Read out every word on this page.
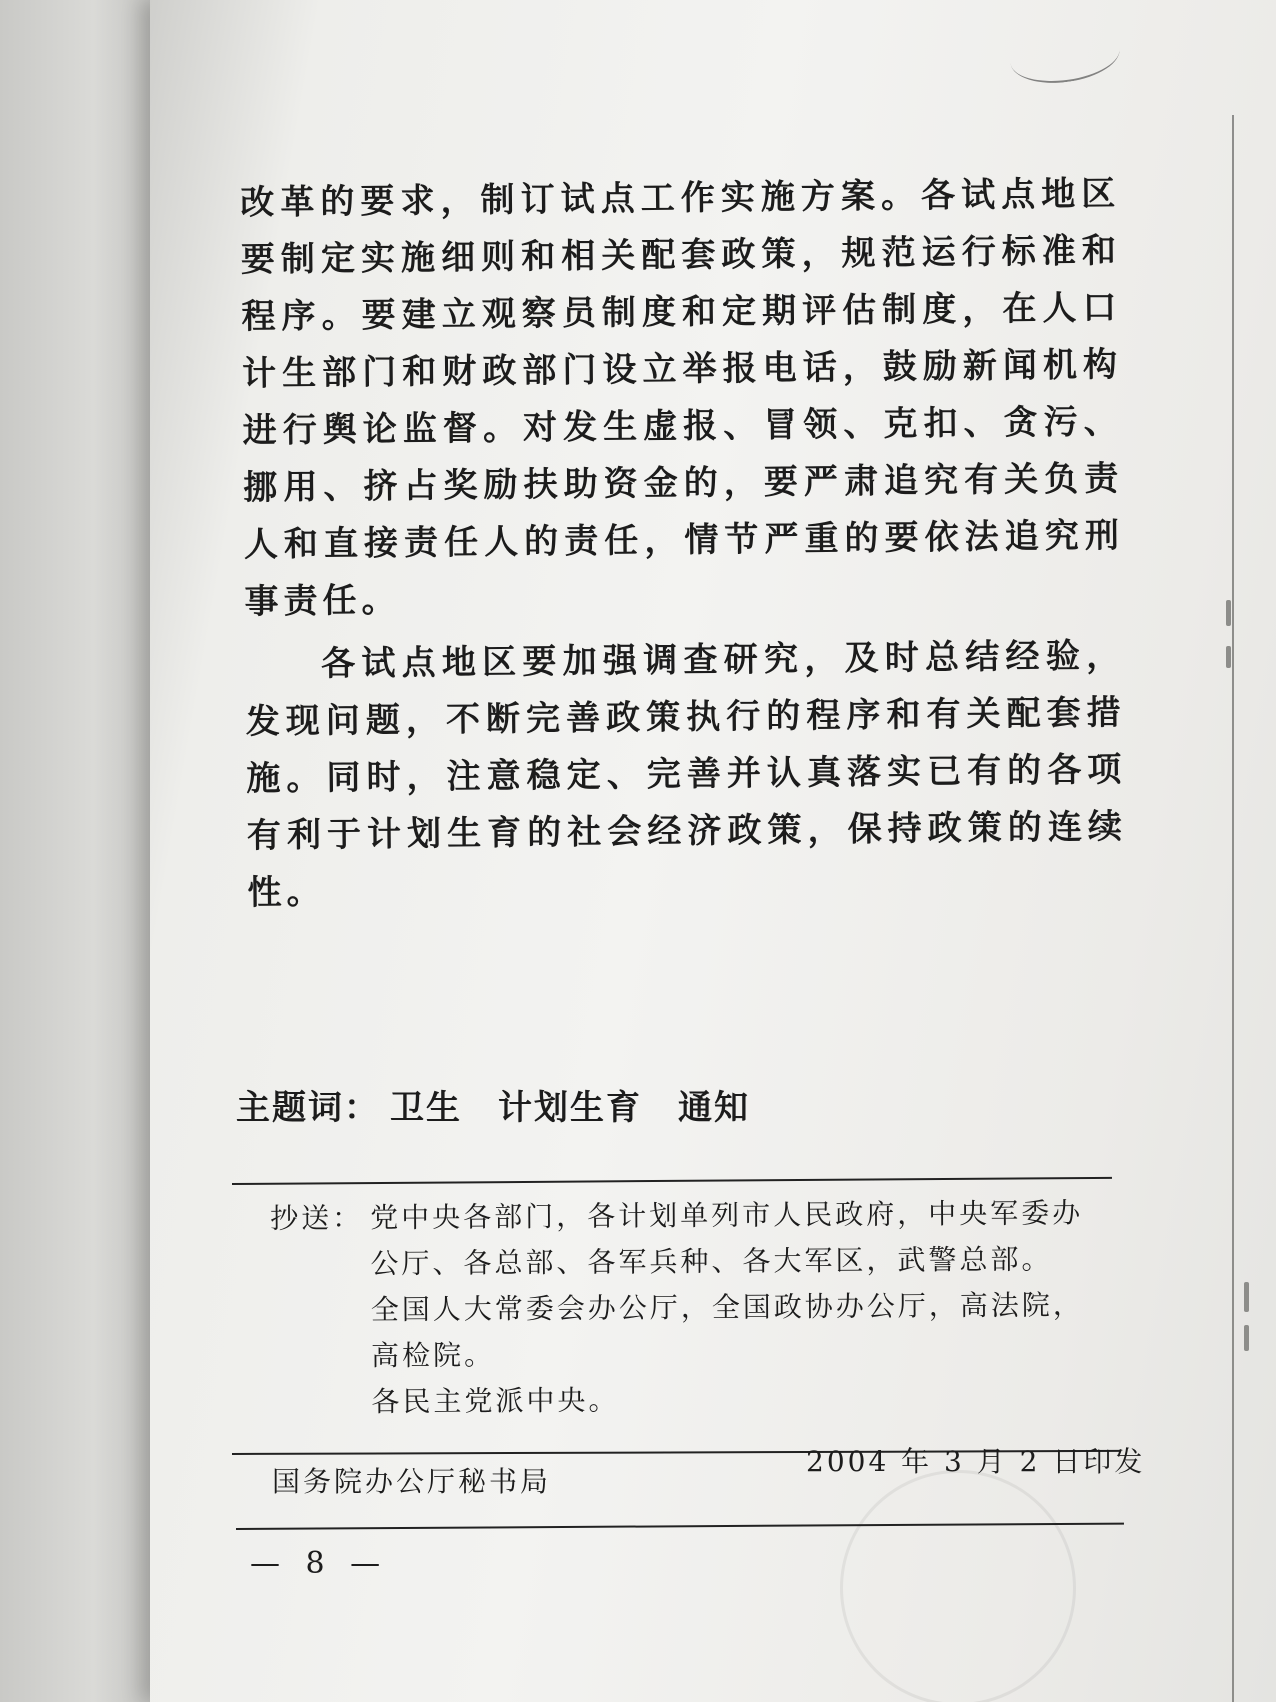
改革的要求，制订试点工作实施方案。各试点地区要制定实施细则和相关配套政策，规范运行标准和程序。要建立观察员制度和定期评估制度，在人口计生部门和财政部门设立举报电话，鼓励新闻机构进行舆论监督。对发生虚报、冒领、克扣、贪污、挪用、挤占奖励扶助资金的，要严肃追究有关负责人和直接责任人的责任，情节严重的要依法追究刑事责任。

各试点地区要加强调查研究，及时总结经验，发现问题，不断完善政策执行的程序和有关配套措施。同时，注意稳定、完善并认真落实已有的各项有利于计划生育的社会经济政策，保持政策的连续性。

主题词： 卫生 计划生育 通知
抄送： 党中央各部门，各计划单列市人民政府，中央军委办
公厅、各总部、各军兵种、各大军区，武警总部。
全国人大常委会办公厅，全国政协办公厅，高法院，
高检院。
各民主党派中央。
2004 年 3 月 2 日印发
国务院办公厅秘书局
— 8 —
